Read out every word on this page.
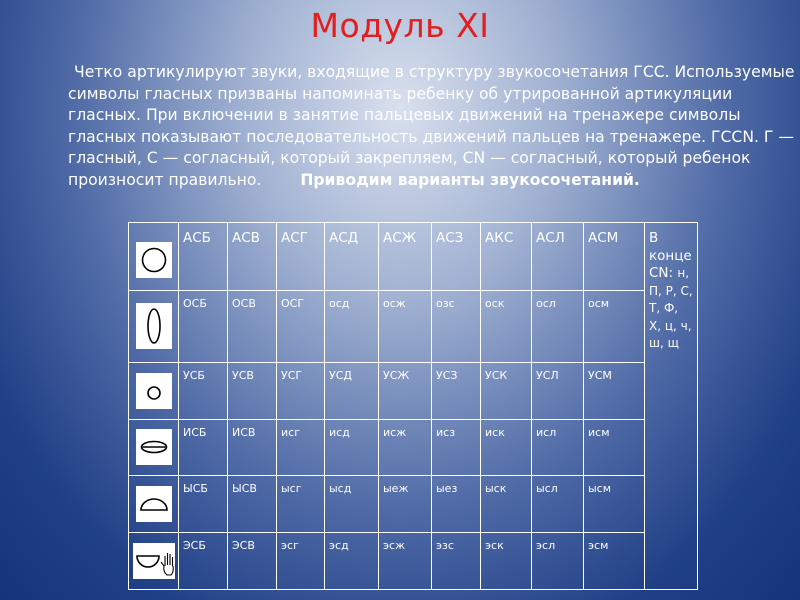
Модуль XI
Четко артикулируют звуки, входящие в структуру звукосочетания ГСС. Используемые символы гласных призваны напоминать ребенку об утрированной артикуляции гласных. При включении в занятие пальцевых движений на тренажере символы гласных показывают последовательность движений пальцев на тренажере. ГССN. Г — гласный, С — согласный, который закрепляем, CN — согласный, который ребенок произносит правильно. Приводим варианты звукосочетаний.
	АСБ	АСВ	АСГ	АСД	АСЖ	АСЗ	АКС	АСЛ	АСМ	В конце CN: н, П, Р, С, Т, Ф, Х, ц, ч, ш, щ

	ОСБ	ОСВ	ОСГ	осд	осж	озс	оск	осл	осм	

	УСБ	УСВ	УСГ	УСД	УСЖ	УСЗ	УСК	УСЛ	УСМ	

	ИСБ	ИСВ	исг	исд	исж	исз	иск	исл	исм	

	ЫСБ	ЫСВ	ысг	ысд	ыеж	ыез	ыск	ысл	ысм	

	ЭСБ	ЭСВ	эсг	эсд	эсж	эзс	эск	эсл	эсм	
